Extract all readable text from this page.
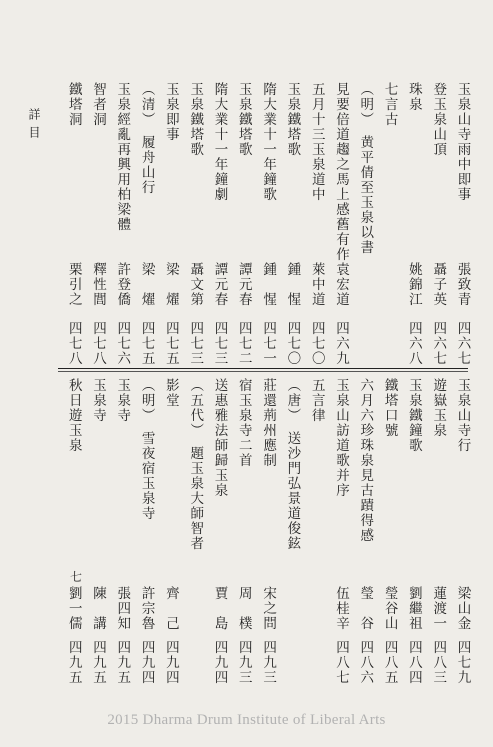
詳目	玉泉山寺雨中即事
張致青
四六七
登玉泉山頂
聶子英
四六七
珠泉
姚錦江
四六八
七言古
（明）　黄平倩至玉泉以書
見要倍道趨之馬上感舊有作
袁宏道
四六九
五月十三玉泉道中
萊中道
四七〇
玉泉鐵塔歌
鍾　惺
四七〇
隋大業十一年鐘歌
鍾　惺
四七一
玉泉鐵塔歌
譚元春
四七二
隋大業十一年鐘劇
譚元春
四七三
玉泉鐵塔歌
聶文第
四七三
玉泉即事
梁　燿
四七五
（清）　履舟山行
梁　燿
四七五
玉泉經亂再興用柏梁體
許登僑
四七六
智者洞
釋性閭
四七八
鐵塔洞
栗引之
四七八
玉泉山寺行
梁山金
四七九
遊嶽玉泉
蓮渡一
四八三
玉泉鐵鐘歌
劉繼祖
四八四
鐵塔口號
瑩谷山
四八五
六月六珍珠泉見古蹟得感
瑩　谷
四八六
玉泉山訪道歌并序
伍桂辛
四八七
五言律
（唐）　送沙門弘景道俊鉉
莊還荊州應制
宋之問
四九三
宿玉泉寺二首
周　樸
四九三
送惠雅法師歸玉泉
賈　島
四九四
（五代）　題玉泉大師智者
影堂
齊　己
四九四
（明）　雪夜宿玉泉寺
許宗魯
四九四
玉泉寺
張四知
四九五
玉泉寺
陳　講
四九五
秋日遊玉泉
劉一儒
四九五
七
2015 Dharma Drum Institute of Liberal Arts
